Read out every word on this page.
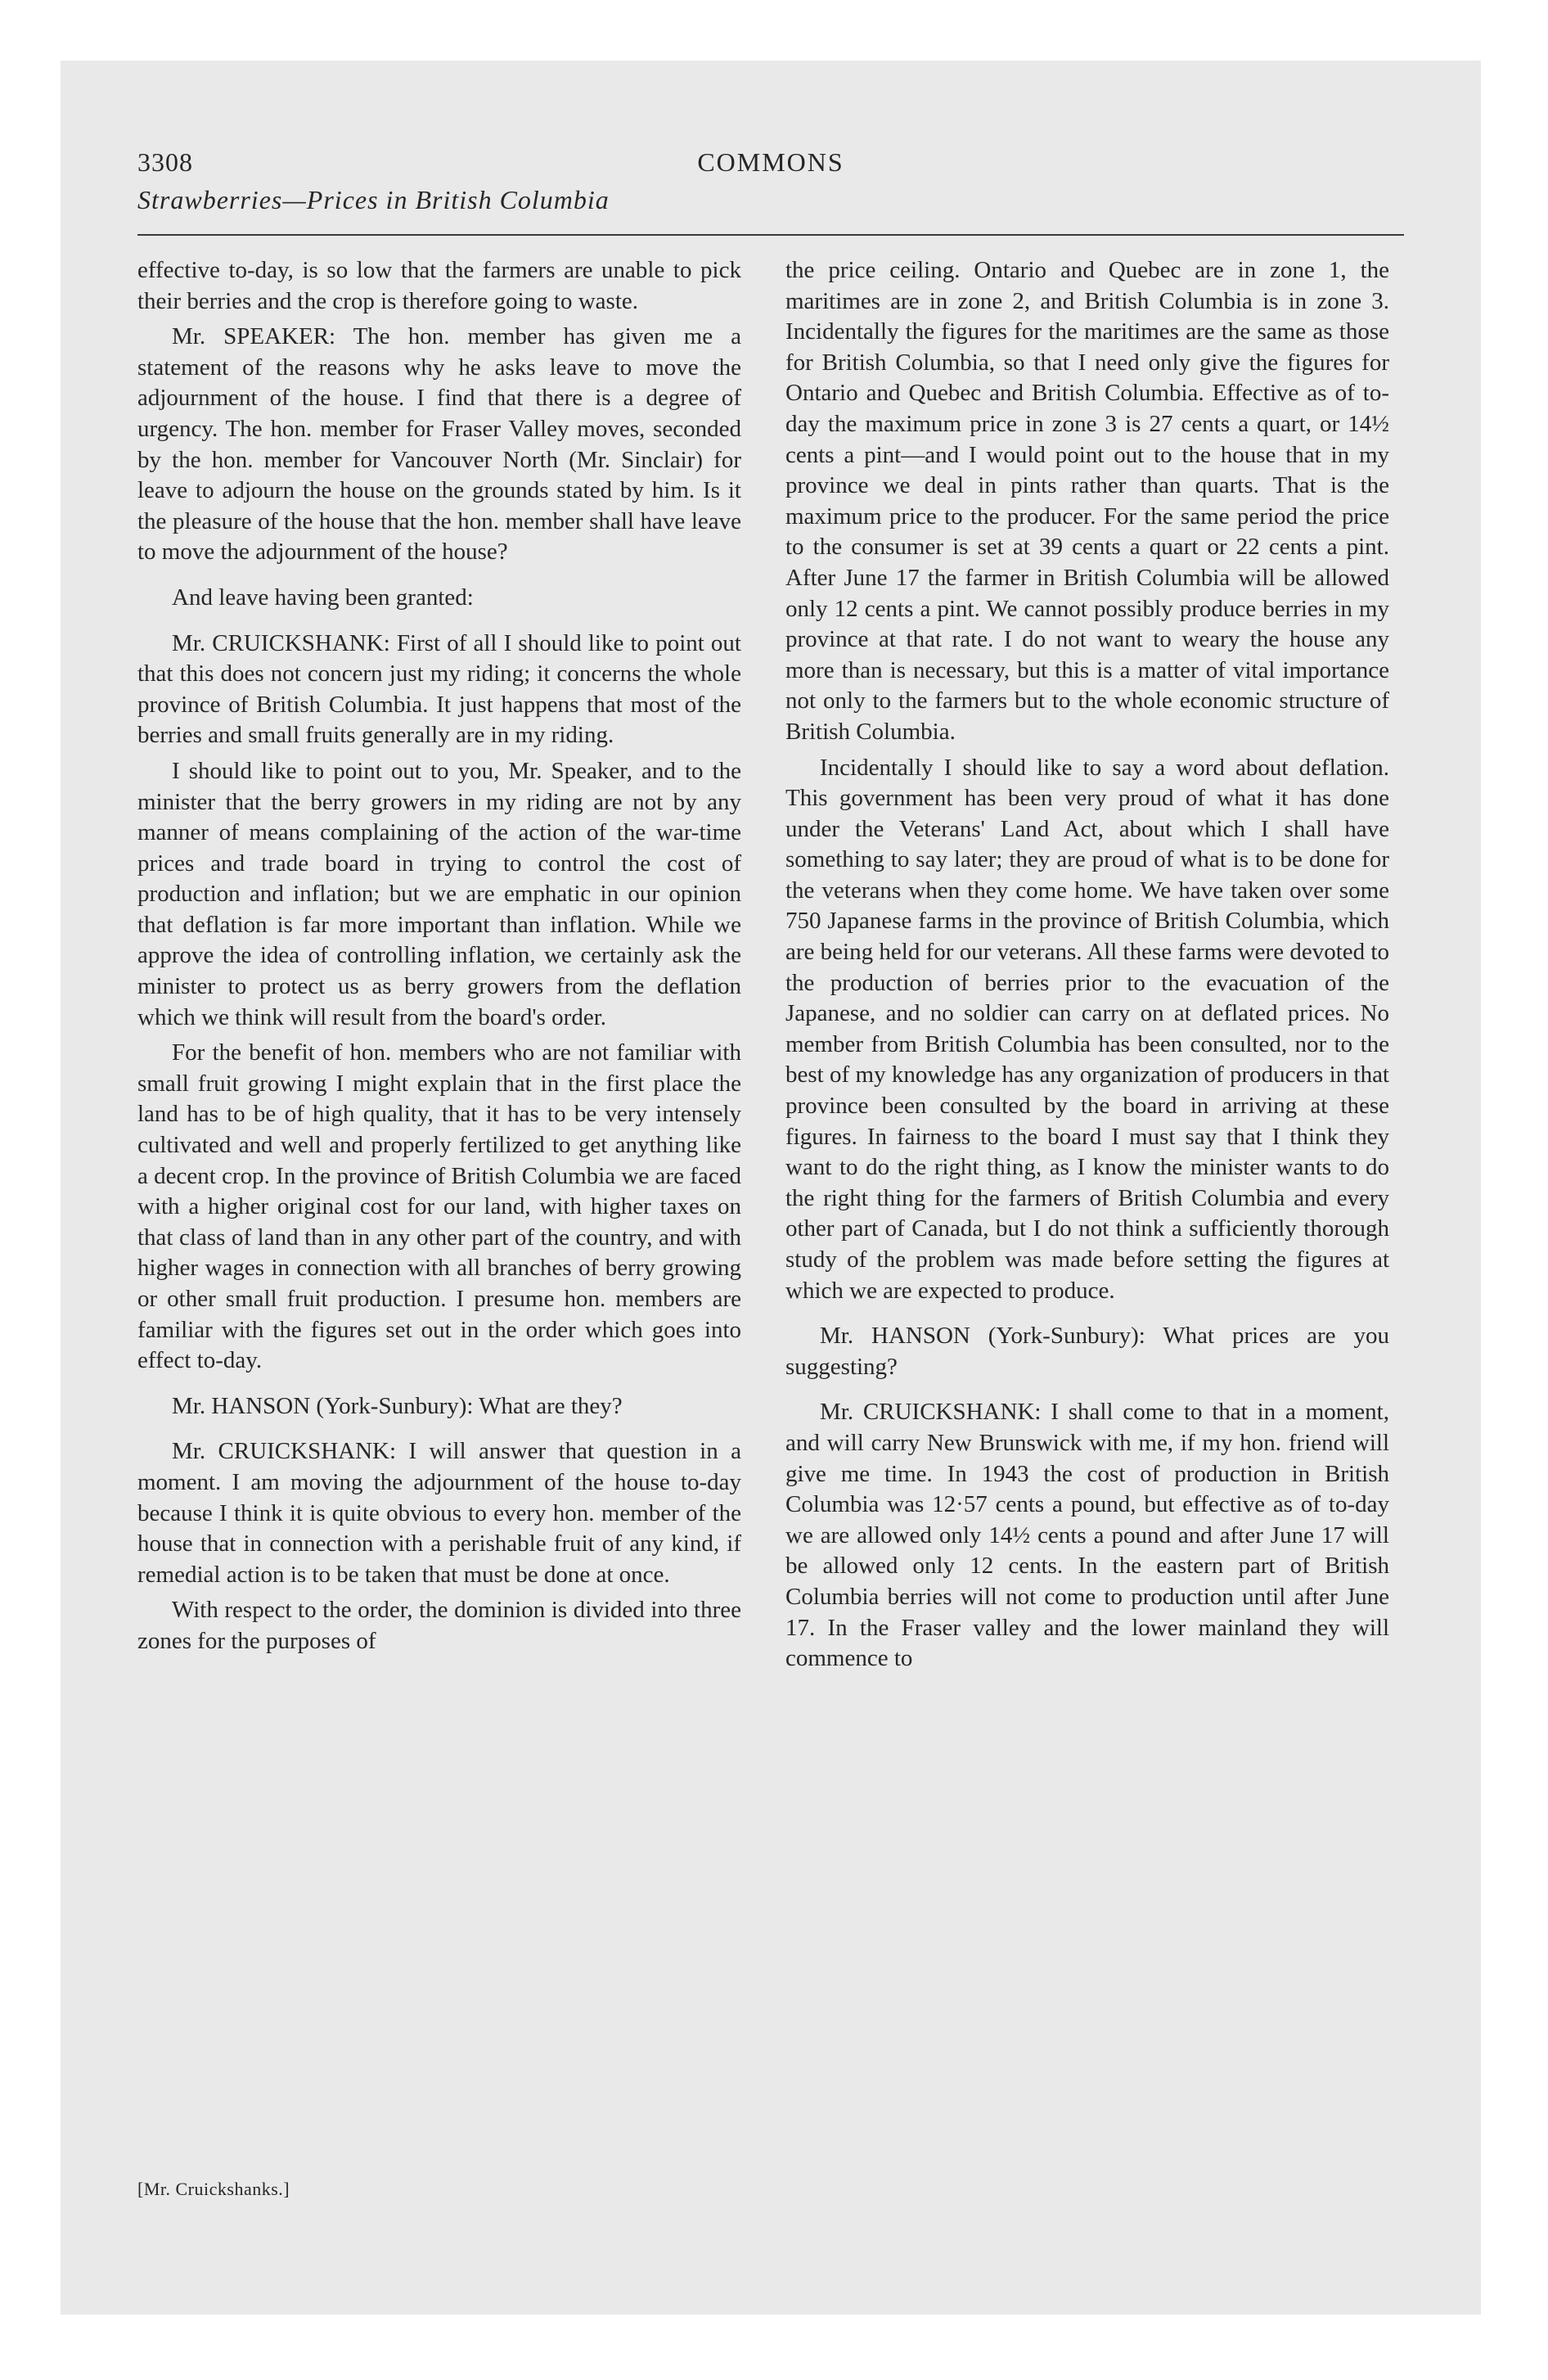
3308	COMMONS
Strawberries—Prices in British Columbia

effective to-day, is so low that the farmers are unable to pick their berries and the crop is therefore going to waste.

Mr. SPEAKER: The hon. member has given me a statement of the reasons why he asks leave to move the adjournment of the house. I find that there is a degree of urgency. The hon. member for Fraser Valley moves, seconded by the hon. member for Vancouver North (Mr. Sinclair) for leave to adjourn the house on the grounds stated by him. Is it the pleasure of the house that the hon. member shall have leave to move the adjournment of the house?

And leave having been granted:

Mr. CRUICKSHANK: First of all I should like to point out that this does not concern just my riding; it concerns the whole province of British Columbia. It just happens that most of the berries and small fruits generally are in my riding.

I should like to point out to you, Mr. Speaker, and to the minister that the berry growers in my riding are not by any manner of means complaining of the action of the war-time prices and trade board in trying to control the cost of production and inflation; but we are emphatic in our opinion that deflation is far more important than inflation. While we approve the idea of controlling inflation, we certainly ask the minister to protect us as berry growers from the deflation which we think will result from the board's order.

For the benefit of hon. members who are not familiar with small fruit growing I might explain that in the first place the land has to be of high quality, that it has to be very intensely cultivated and well and properly fertilized to get anything like a decent crop. In the province of British Columbia we are faced with a higher original cost for our land, with higher taxes on that class of land than in any other part of the country, and with higher wages in connection with all branches of berry growing or other small fruit production. I presume hon. members are familiar with the figures set out in the order which goes into effect to-day.

Mr. HANSON (York-Sunbury): What are they?

Mr. CRUICKSHANK: I will answer that question in a moment. I am moving the adjournment of the house to-day because I think it is quite obvious to every hon. member of the house that in connection with a perishable fruit of any kind, if remedial action is to be taken that must be done at once.

With respect to the order, the dominion is divided into three zones for the purposes of

the price ceiling. Ontario and Quebec are in zone 1, the maritimes are in zone 2, and British Columbia is in zone 3. Incidentally the figures for the maritimes are the same as those for British Columbia, so that I need only give the figures for Ontario and Quebec and British Columbia. Effective as of to-day the maximum price in zone 3 is 27 cents a quart, or 14½ cents a pint—and I would point out to the house that in my province we deal in pints rather than quarts. That is the maximum price to the producer. For the same period the price to the consumer is set at 39 cents a quart or 22 cents a pint. After June 17 the farmer in British Columbia will be allowed only 12 cents a pint. We cannot possibly produce berries in my province at that rate. I do not want to weary the house any more than is necessary, but this is a matter of vital importance not only to the farmers but to the whole economic structure of British Columbia.

Incidentally I should like to say a word about deflation. This government has been very proud of what it has done under the Veterans' Land Act, about which I shall have something to say later; they are proud of what is to be done for the veterans when they come home. We have taken over some 750 Japanese farms in the province of British Columbia, which are being held for our veterans. All these farms were devoted to the production of berries prior to the evacuation of the Japanese, and no soldier can carry on at deflated prices. No member from British Columbia has been consulted, nor to the best of my knowledge has any organization of producers in that province been consulted by the board in arriving at these figures. In fairness to the board I must say that I think they want to do the right thing, as I know the minister wants to do the right thing for the farmers of British Columbia and every other part of Canada, but I do not think a sufficiently thorough study of the problem was made before setting the figures at which we are expected to produce.

Mr. HANSON (York-Sunbury): What prices are you suggesting?

Mr. CRUICKSHANK: I shall come to that in a moment, and will carry New Brunswick with me, if my hon. friend will give me time. In 1943 the cost of production in British Columbia was 12·57 cents a pound, but effective as of to-day we are allowed only 14½ cents a pound and after June 17 will be allowed only 12 cents. In the eastern part of British Columbia berries will not come to production until after June 17. In the Fraser valley and the lower mainland they will commence to

[Mr. Cruickshanks.]
